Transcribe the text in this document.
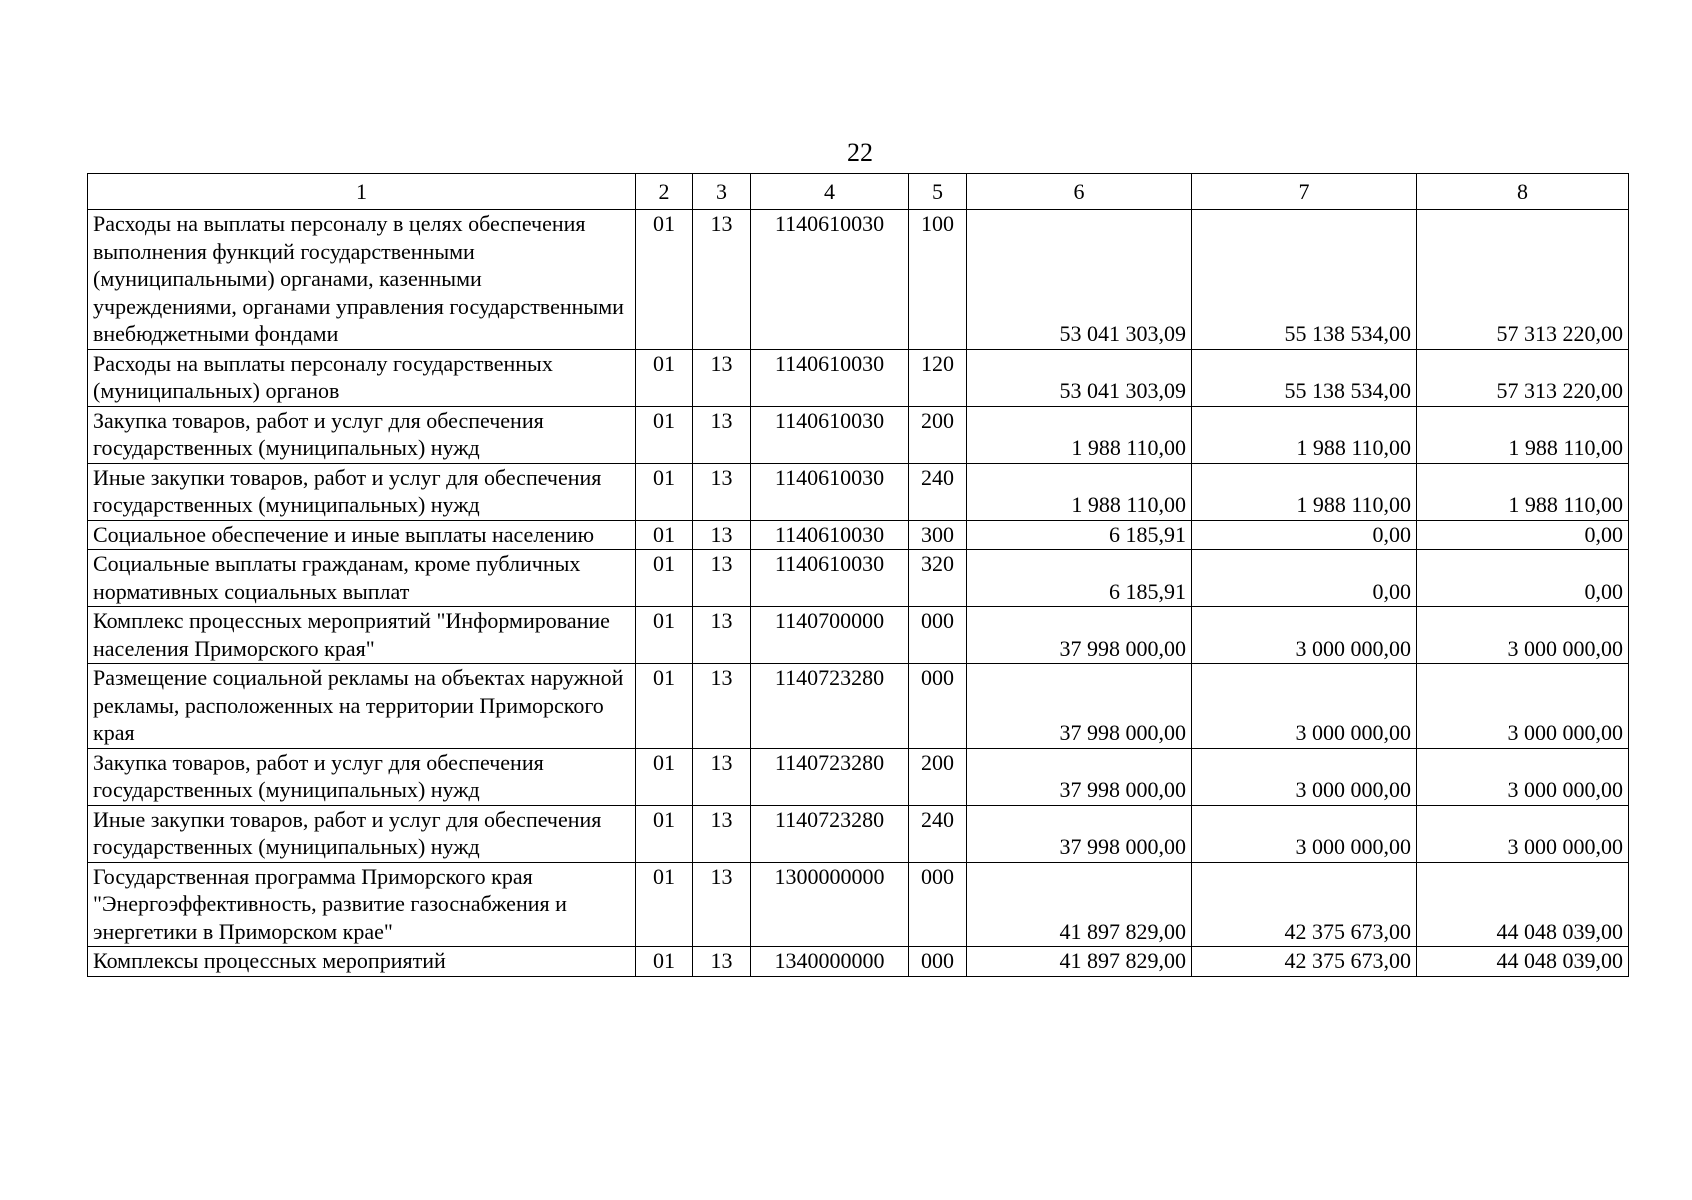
22
1	2	3	4	5	6	7	8
Расходы на выплаты персоналу в целях обеспечения выполнения функций государственными (муниципальными) органами, казенными учреждениями, органами управления государственными внебюджетными фондами	01	13	1140610030	100	53 041 303,09	55 138 534,00	57 313 220,00
Расходы на выплаты персоналу государственных (муниципальных) органов	01	13	1140610030	120	53 041 303,09	55 138 534,00	57 313 220,00
Закупка товаров, работ и услуг для обеспечения государственных (муниципальных) нужд	01	13	1140610030	200	1 988 110,00	1 988 110,00	1 988 110,00
Иные закупки товаров, работ и услуг для обеспечения государственных (муниципальных) нужд	01	13	1140610030	240	1 988 110,00	1 988 110,00	1 988 110,00
Социальное обеспечение и иные выплаты населению	01	13	1140610030	300	6 185,91	0,00	0,00
Социальные выплаты гражданам, кроме публичных нормативных социальных выплат	01	13	1140610030	320	6 185,91	0,00	0,00
Комплекс процессных мероприятий "Информирование населения Приморского края"	01	13	1140700000	000	37 998 000,00	3 000 000,00	3 000 000,00
Размещение социальной рекламы на объектах наружной рекламы, расположенных на территории Приморского края	01	13	1140723280	000	37 998 000,00	3 000 000,00	3 000 000,00
Закупка товаров, работ и услуг для обеспечения государственных (муниципальных) нужд	01	13	1140723280	200	37 998 000,00	3 000 000,00	3 000 000,00
Иные закупки товаров, работ и услуг для обеспечения государственных (муниципальных) нужд	01	13	1140723280	240	37 998 000,00	3 000 000,00	3 000 000,00
Государственная программа Приморского края "Энергоэффективность, развитие газоснабжения и энергетики в Приморском крае"	01	13	1300000000	000	41 897 829,00	42 375 673,00	44 048 039,00
Комплексы процессных мероприятий	01	13	1340000000	000	41 897 829,00	42 375 673,00	44 048 039,00
